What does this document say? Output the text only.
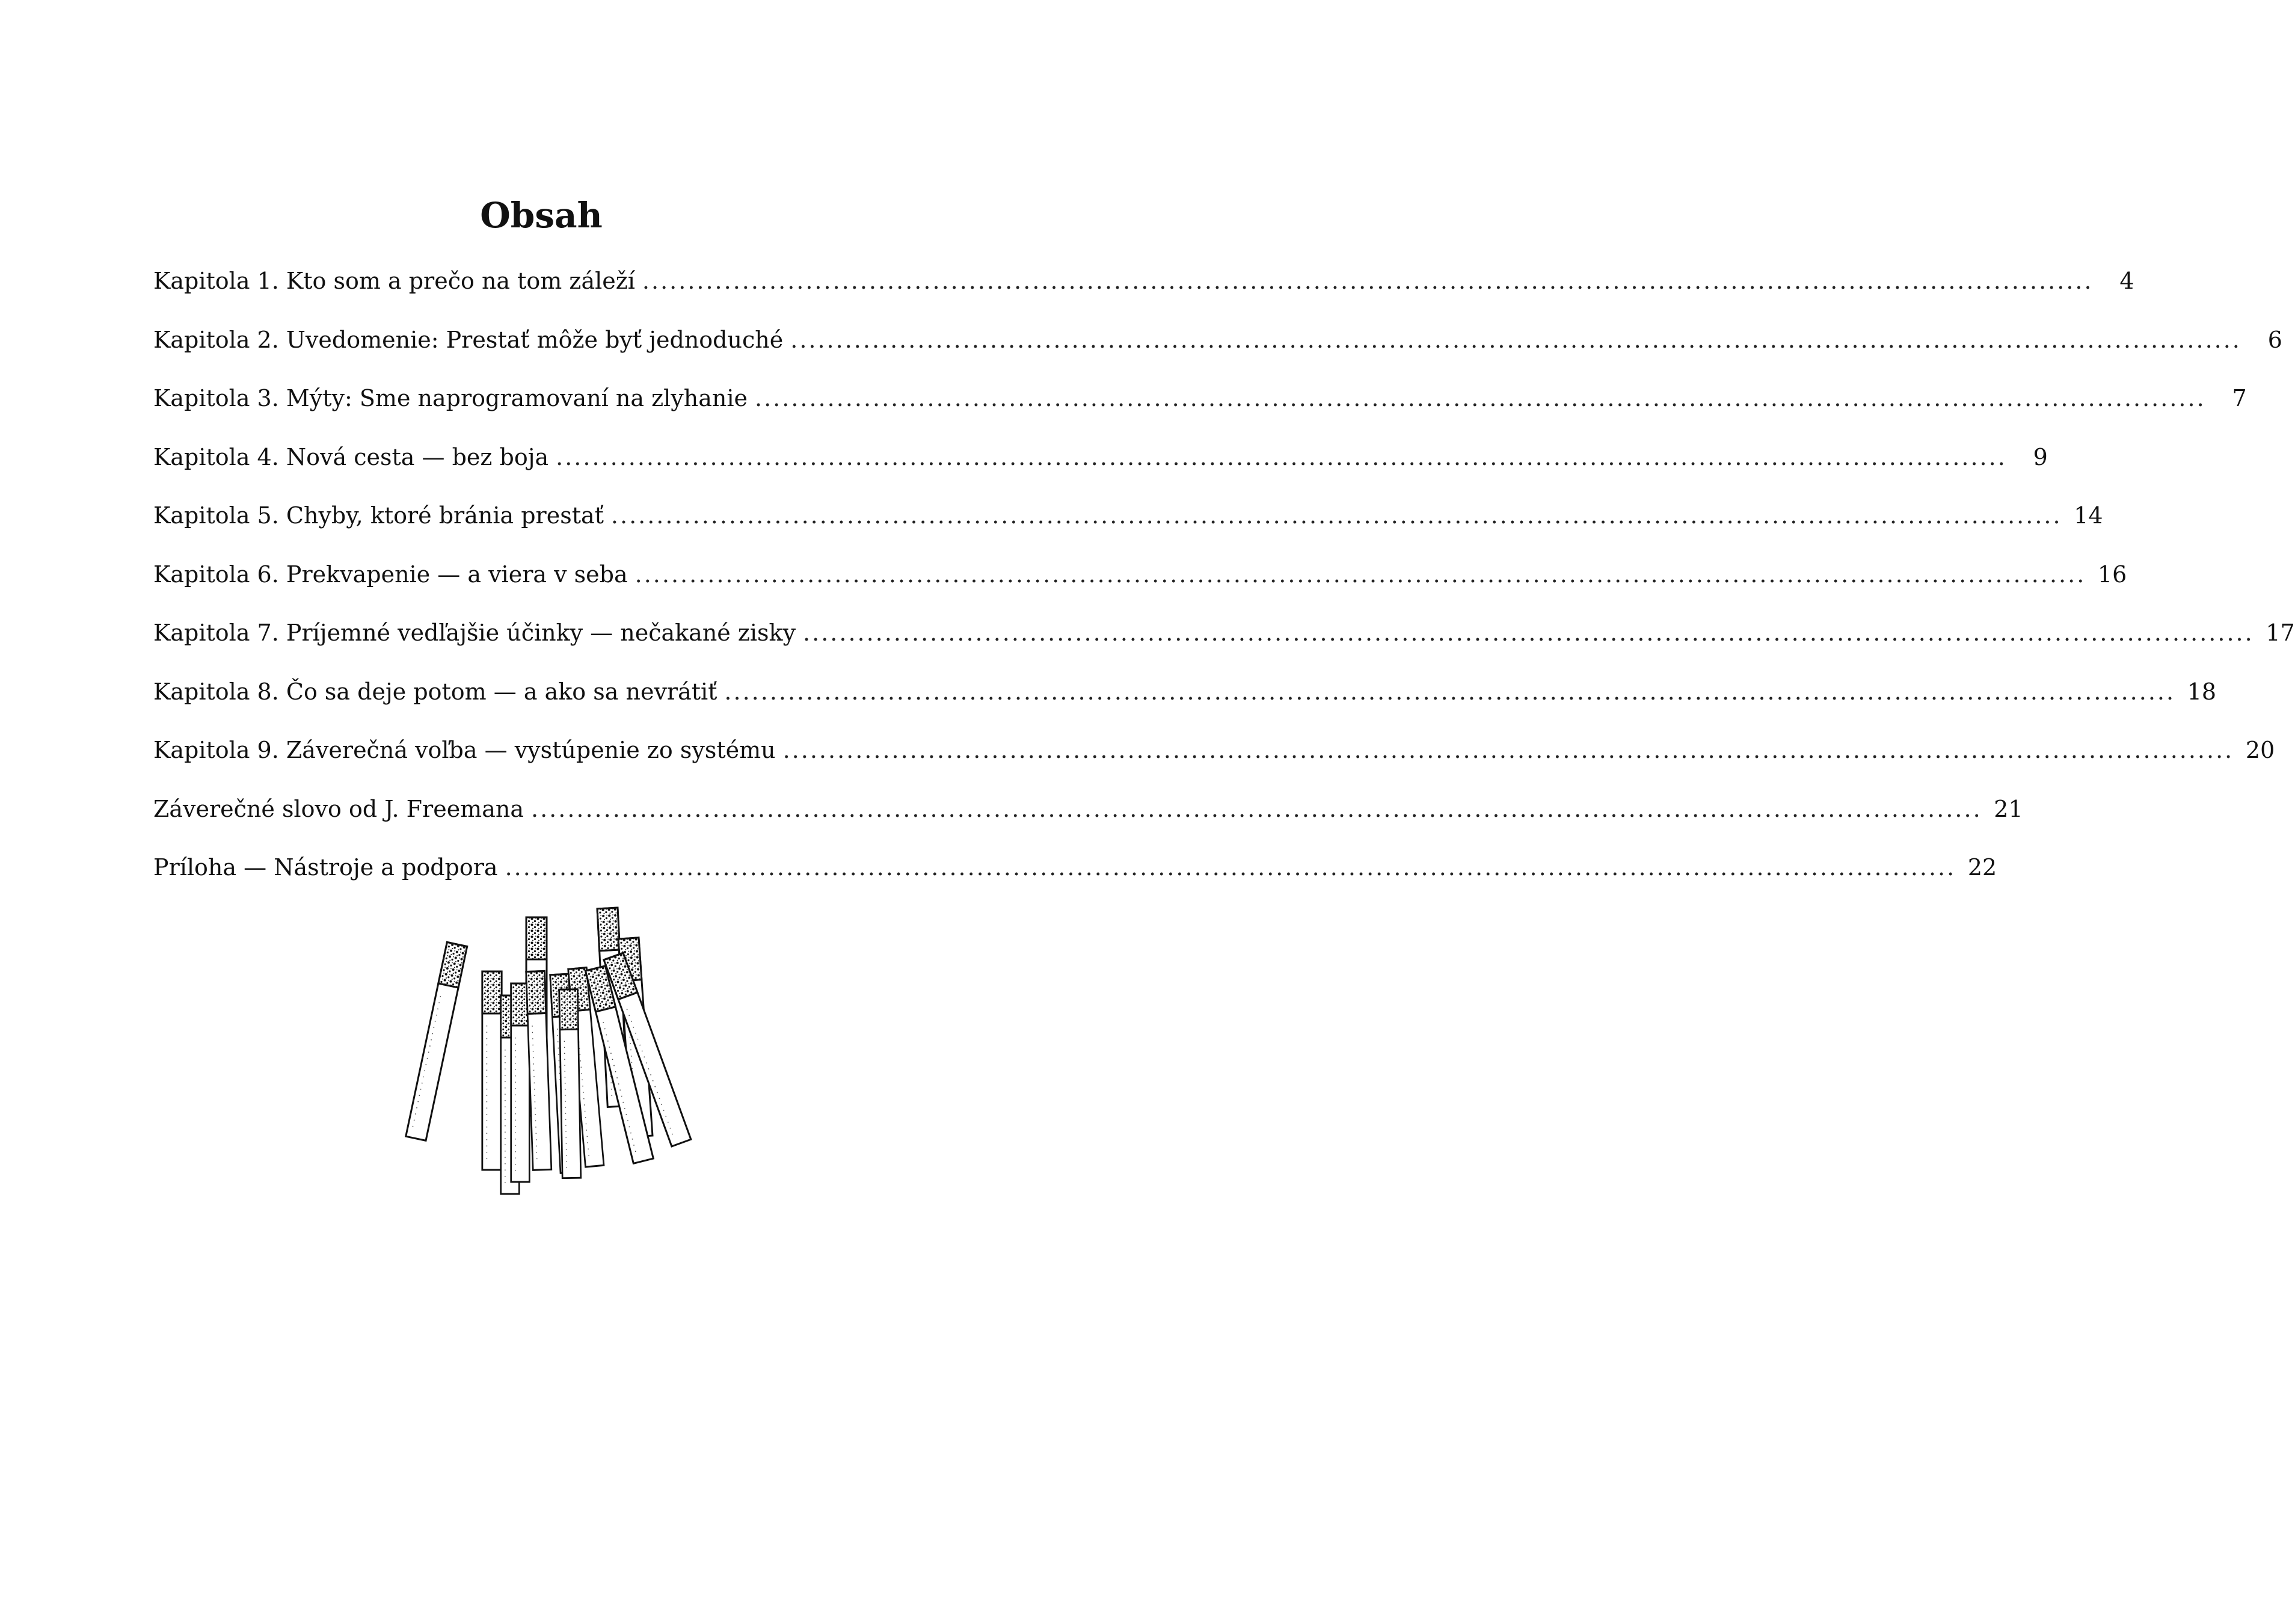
Obsah
Kapitola 1. Kto som a prečo na tom záleží ................................................................................................................................................................	4
Kapitola 2. Uvedomenie: Prestať môže byť jednoduché ................................................................................................................................................................	6
Kapitola 3. Mýty: Sme naprogramovaní na zlyhanie ................................................................................................................................................................	7
Kapitola 4. Nová cesta — bez boja ................................................................................................................................................................	9
Kapitola 5. Chyby, ktoré bránia prestať ................................................................................................................................................................ 14
Kapitola 6. Prekvapenie — a viera v seba ................................................................................................................................................................ 16
Kapitola 7. Príjemné vedľajšie účinky — nečakané zisky ................................................................................................................................................................ 17
Kapitola 8. Čo sa deje potom — a ako sa nevrátiť ................................................................................................................................................................ 18
Kapitola 9. Záverečná voľba — vystúpenie zo systému ................................................................................................................................................................ 20
Záverečné slovo od J. Freemana ................................................................................................................................................................ 21
Príloha — Nástroje a podpora ................................................................................................................................................................ 22
